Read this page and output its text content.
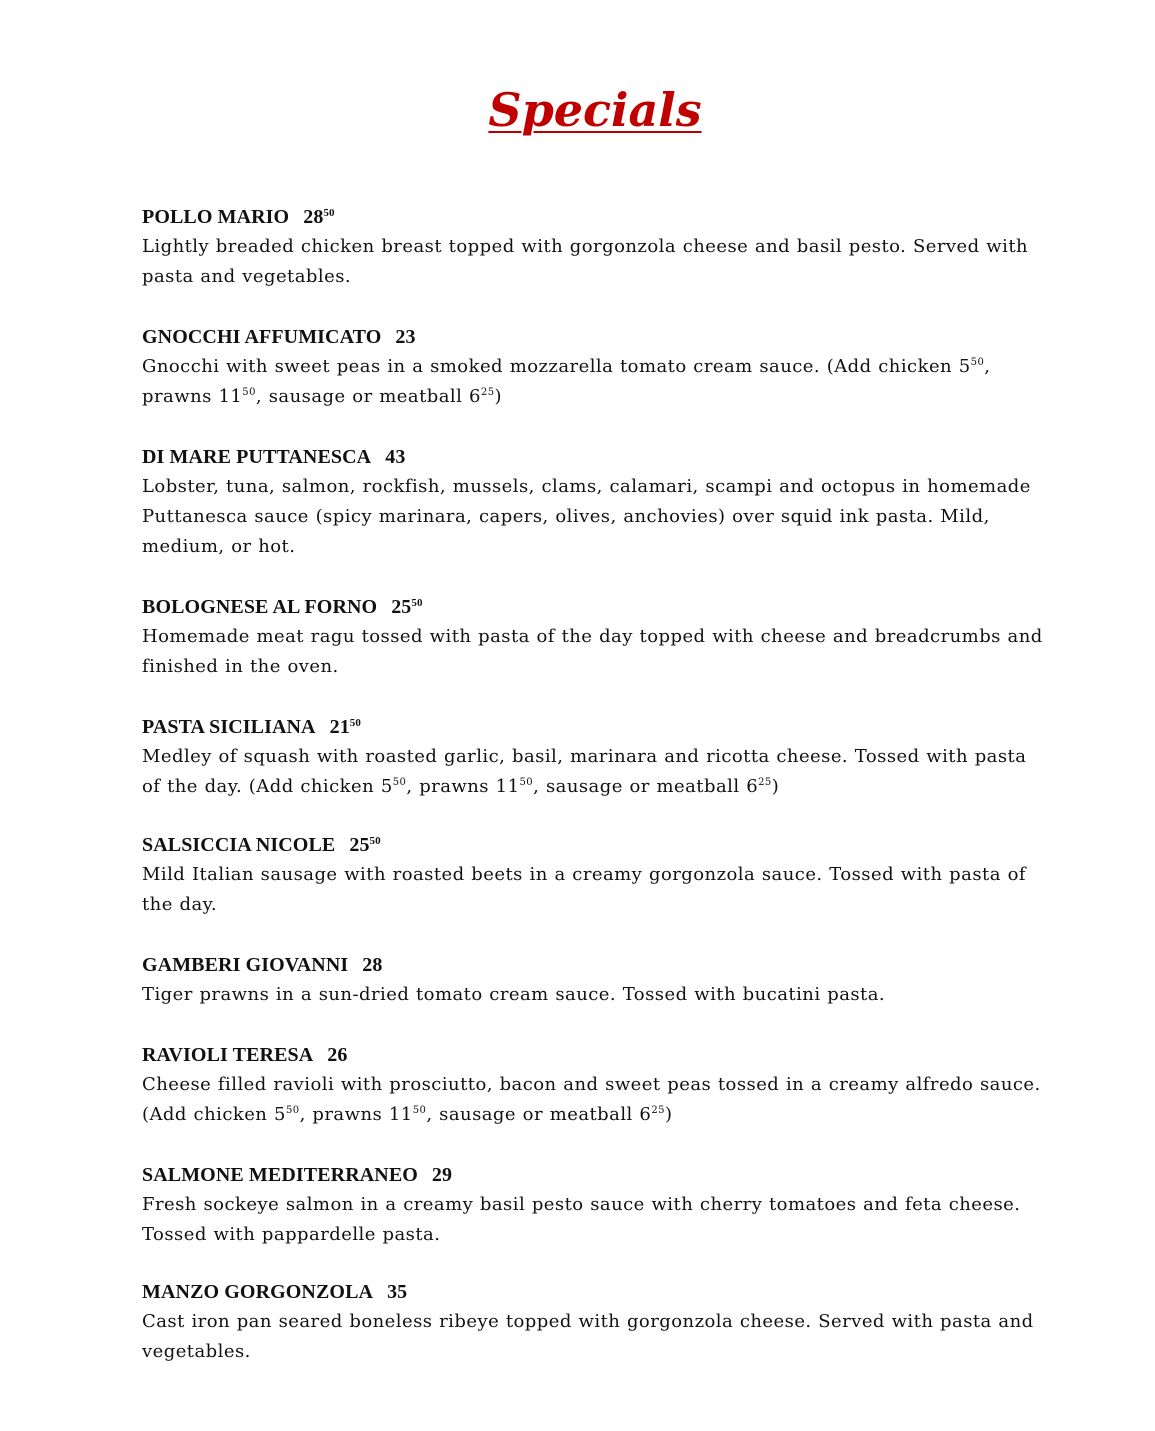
Specials
POLLO MARIO $28^{50}$
Lightly breaded chicken breast topped with gorgonzola cheese and basil pesto. Served with pasta and vegetables.
GNOCCHI AFFUMICATO 23
Gnocchi with sweet peas in a smoked mozzarella tomato cream sauce. (Add chicken $5^{50}$, prawns $11^{50}$, sausage or meatball $6^{25}$)
DI MARE PUTTANESCA 43
Lobster, tuna, salmon, rockfish, mussels, clams, calamari, scampi and octopus in homemade Puttanesca sauce (spicy marinara, capers, olives, anchovies) over squid ink pasta. Mild, medium, or hot.
BOLOGNESE AL FORNO $25^{50}$
Homemade meat ragu tossed with pasta of the day topped with cheese and breadcrumbs and finished in the oven.
PASTA SICILIANA $21^{50}$
Medley of squash with roasted garlic, basil, marinara and ricotta cheese. Tossed with pasta of the day. (Add chicken $5^{50}$, prawns $11^{50}$, sausage or meatball $6^{25}$)
SALSICCIA NICOLE $25^{50}$
Mild Italian sausage with roasted beets in a creamy gorgonzola sauce. Tossed with pasta of the day.
GAMBERI GIOVANNI 28
Tiger prawns in a sun-dried tomato cream sauce. Tossed with bucatini pasta.
RAVIOLI TERESA 26
Cheese filled ravioli with prosciutto, bacon and sweet peas tossed in a creamy alfredo sauce. (Add chicken $5^{50}$, prawns $11^{50}$, sausage or meatball $6^{25}$)
SALMONE MEDITERRANEO 29
Fresh sockeye salmon in a creamy basil pesto sauce with cherry tomatoes and feta cheese. Tossed with pappardelle pasta.
MANZO GORGONZOLA 35
Cast iron pan seared boneless ribeye topped with gorgonzola cheese. Served with pasta and vegetables.
